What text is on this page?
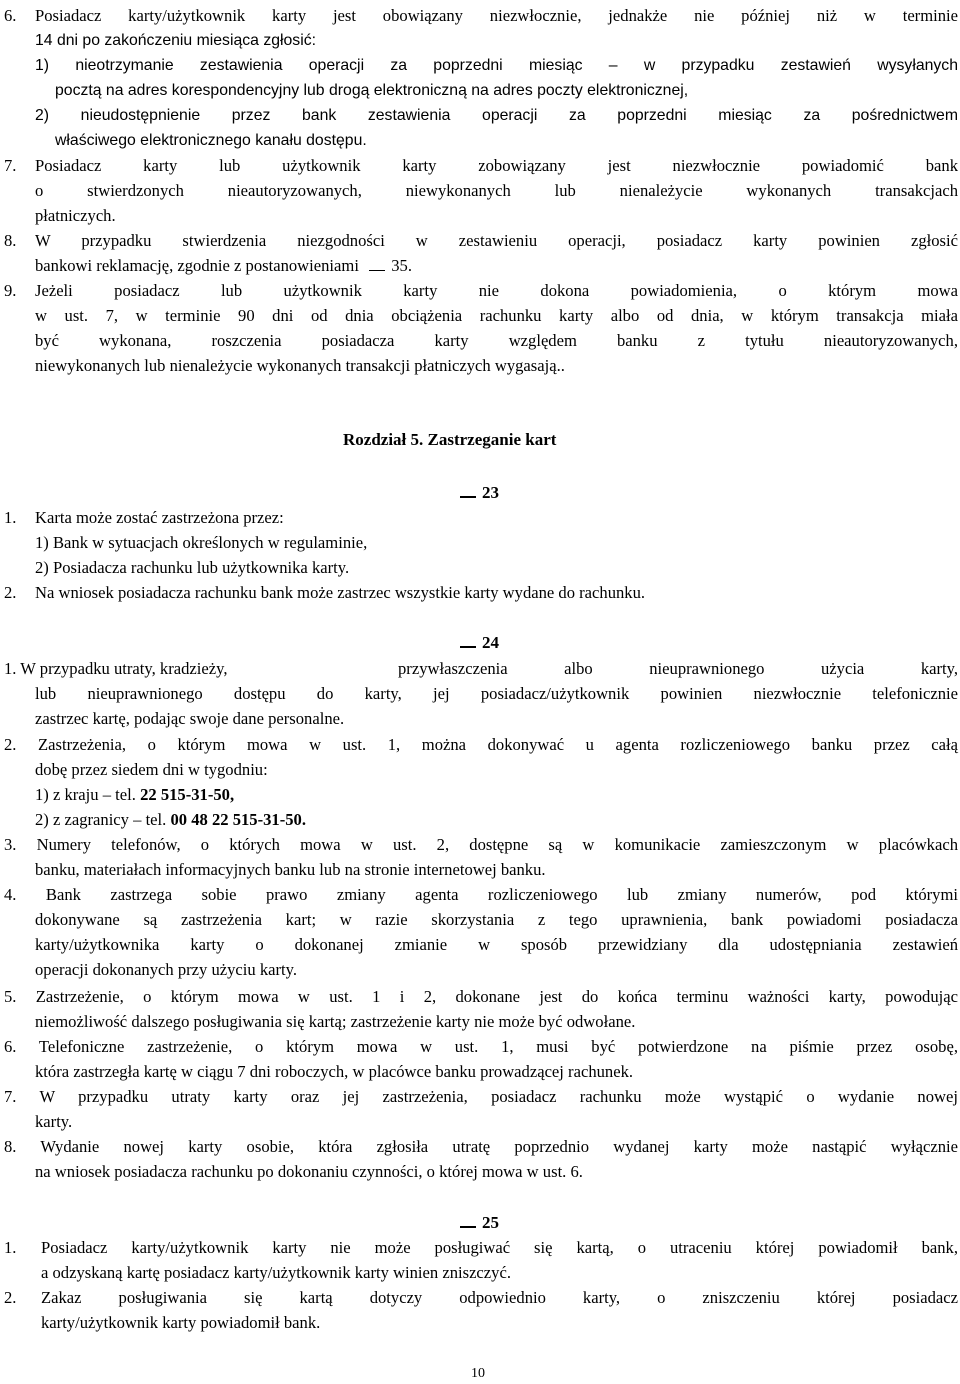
6. Posiadacz karty/użytkownik karty jest obowiązany niezwłocznie, jednakże nie później niż w terminie
14 dni po zakończeniu miesiąca zgłosić:
1) nieotrzymanie zestawienia operacji za poprzedni miesiąc – w przypadku zestawień wysyłanych
pocztą na adres korespondencyjny lub drogą elektroniczną na adres poczty elektronicznej,
2) nieudostępnienie przez bank zestawienia operacji za poprzedni miesiąc za pośrednictwem
właściwego elektronicznego kanału dostępu.
7. Posiadacz karty lub użytkownik karty zobowiązany jest niezwłocznie powiadomić bank
o stwierdzonych nieautoryzowanych, niewykonanych lub nienależycie wykonanych transakcjach
płatniczych.
8. W przypadku stwierdzenia niezgodności w zestawieniu operacji, posiadacz karty powinien zgłosić
bankowi reklamację, zgodnie z postanowieniami 35.
9. Jeżeli posiadacz lub użytkownik karty nie dokona powiadomienia, o którym mowa
w ust. 7, w terminie 90 dni od dnia obciążenia rachunku karty albo od dnia, w którym transakcja miała
być wykonana, roszczenia posiadacza karty względem banku z tytułu nieautoryzowanych,
niewykonanych lub nienależycie wykonanych transakcji płatniczych wygasają..
Rozdział 5. Zastrzeganie kart
23
1. Karta może zostać zastrzeżona przez:
1) Bank w sytuacjach określonych w regulaminie,
2) Posiadacza rachunku lub użytkownika karty.
2. Na wniosek posiadacza rachunku bank może zastrzec wszystkie karty wydane do rachunku.
24
1. W przypadku utraty, kradzieży,	przywłaszczenia albo nieuprawnionego użycia karty,
lub nieuprawnionego dostępu do karty, jej posiadacz/użytkownik powinien niezwłocznie telefonicznie
zastrzec kartę, podając swoje dane personalne.
2. Zastrzeżenia, o którym mowa w ust. 1, można dokonywać u agenta rozliczeniowego banku przez całą
dobę przez siedem dni w tygodniu:
1) z kraju – tel. 22 515-31-50,
2) z zagranicy – tel. 00 48 22 515-31-50.
3. Numery telefonów, o których mowa w ust. 2, dostępne są w komunikacie zamieszczonym w placówkach
banku, materiałach informacyjnych banku lub na stronie internetowej banku.
4. Bank zastrzega sobie prawo zmiany agenta rozliczeniowego lub zmiany numerów, pod którymi
dokonywane są zastrzeżenia kart; w razie skorzystania z tego uprawnienia, bank powiadomi posiadacza
karty/użytkownika karty o dokonanej zmianie w sposób przewidziany dla udostępniania zestawień
operacji dokonanych przy użyciu karty.
5. Zastrzeżenie, o którym mowa w ust. 1 i 2, dokonane jest do końca terminu ważności karty, powodując
niemożliwość dalszego posługiwania się kartą; zastrzeżenie karty nie może być odwołane.
6. Telefoniczne zastrzeżenie, o którym mowa w ust. 1, musi być potwierdzone na piśmie przez osobę,
która zastrzegła kartę w ciągu 7 dni roboczych, w placówce banku prowadzącej rachunek.
7. W przypadku utraty karty oraz jej zastrzeżenia, posiadacz rachunku może wystąpić o wydanie nowej
karty.
8. Wydanie nowej karty osobie, która zgłosiła utratę poprzednio wydanej karty może nastąpić wyłącznie
na wniosek posiadacza rachunku po dokonaniu czynności, o której mowa w ust. 6.
25
1. Posiadacz karty/użytkownik karty nie może posługiwać się kartą, o utraceniu której powiadomił bank,
a odzyskaną kartę posiadacz karty/użytkownik karty winien zniszczyć.
2. Zakaz posługiwania się kartą dotyczy odpowiednio karty, o zniszczeniu której posiadacz
karty/użytkownik karty powiadomił bank.
10
